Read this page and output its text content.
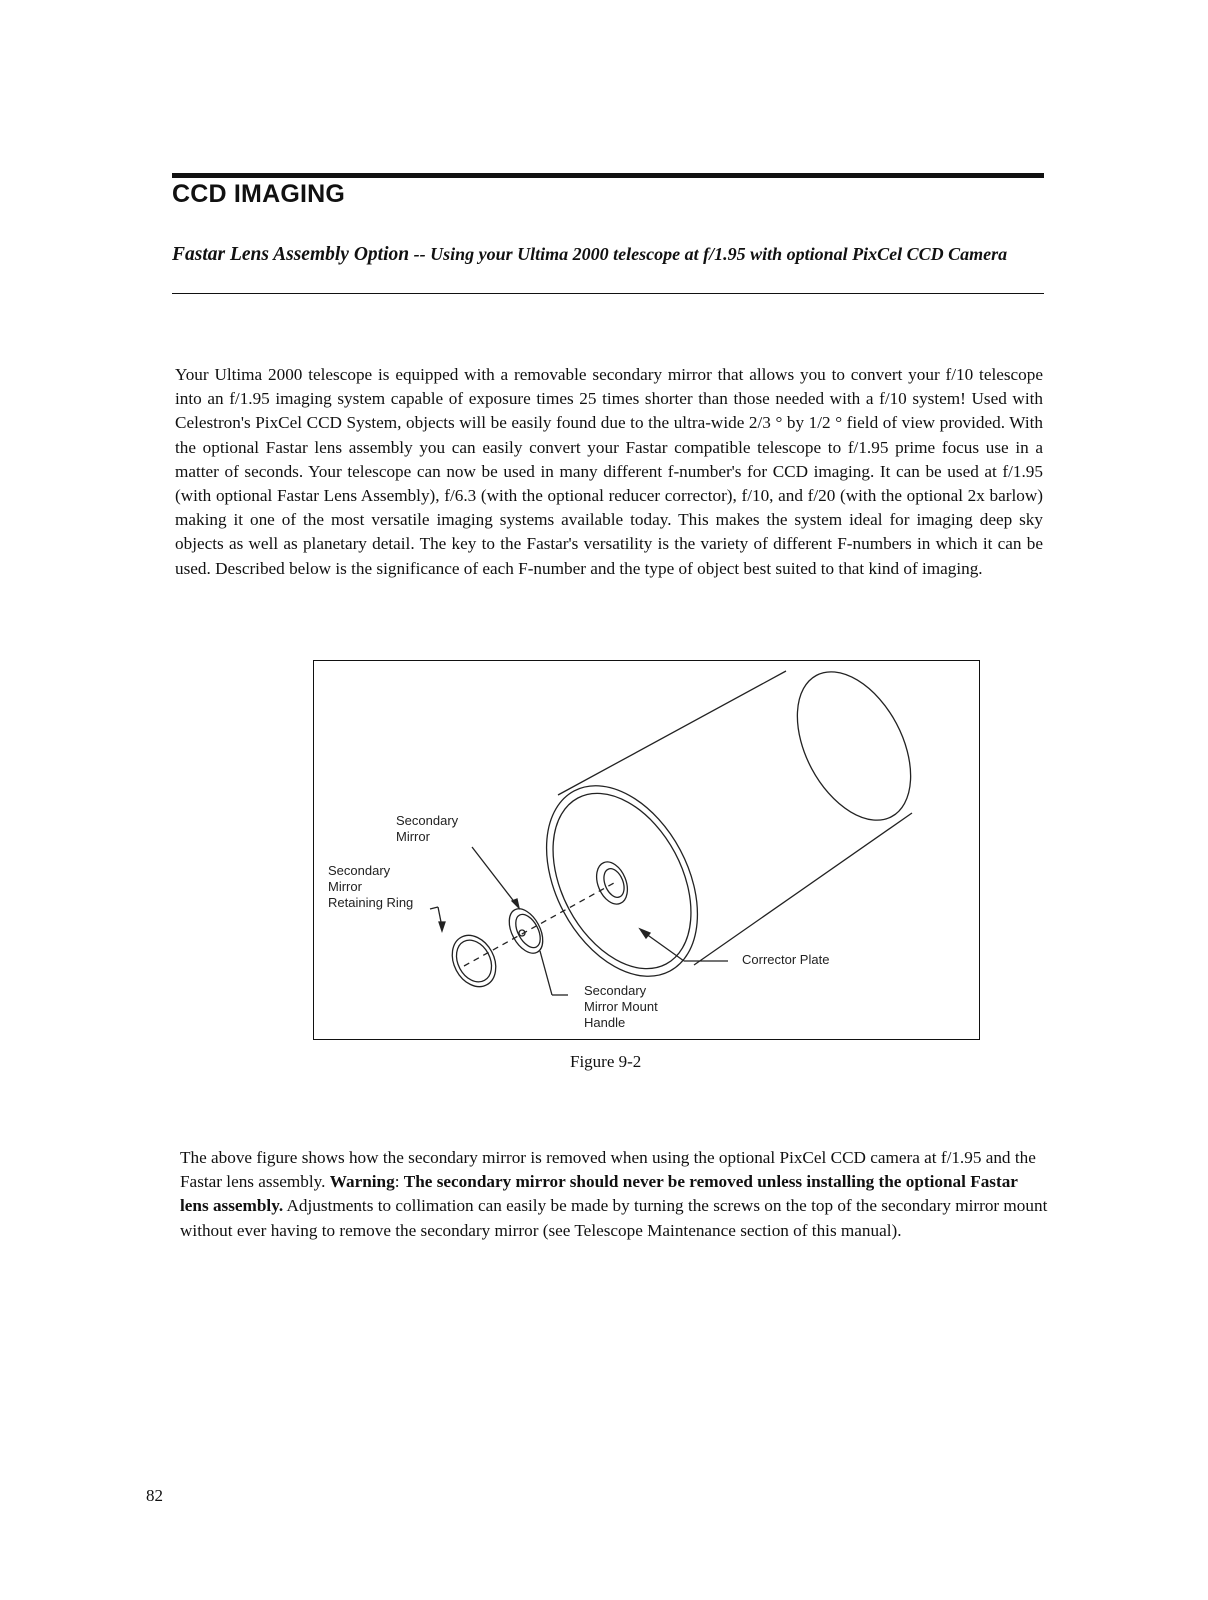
CCD IMAGING
Fastar Lens Assembly Option -- Using your Ultima 2000 telescope at f/1.95 with optional PixCel CCD Camera

Your Ultima 2000 telescope is equipped with a removable secondary mirror that allows you to convert your f/10 telescope into an f/1.95 imaging system capable of exposure times 25 times shorter than those needed with a f/10 system! Used with Celestron's PixCel CCD System, objects will be easily found due to the ultra-wide 2/3 ° by 1/2 ° field of view provided. With the optional Fastar lens assembly you can easily convert your Fastar compatible telescope to f/1.95 prime focus use in a matter of seconds. Your telescope can now be used in many different f-number's for CCD imaging. It can be used at f/1.95 (with optional Fastar Lens Assembly), f/6.3 (with the optional reducer corrector), f/10, and f/20 (with the optional 2x barlow) making it one of the most versatile imaging systems available today. This makes the system ideal for imaging deep sky objects as well as planetary detail. The key to the Fastar's versatility is the variety of different F-numbers in which it can be used. Described below is the significance of each F-number and the type of object best suited to that kind of imaging.

Secondary
Mirror
Secondary
Mirror
Retaining Ring
Secondary
Mirror Mount
Handle
Corrector Plate
Figure 9-2

The above figure shows how the secondary mirror is removed when using the optional PixCel CCD camera at f/1.95 and the Fastar lens assembly. Warning: The secondary mirror should never be removed unless installing the optional Fastar lens assembly. Adjustments to collimation can easily be made by turning the screws on the top of the secondary mirror mount without ever having to remove the secondary mirror (see Telescope Maintenance section of this manual).

82
